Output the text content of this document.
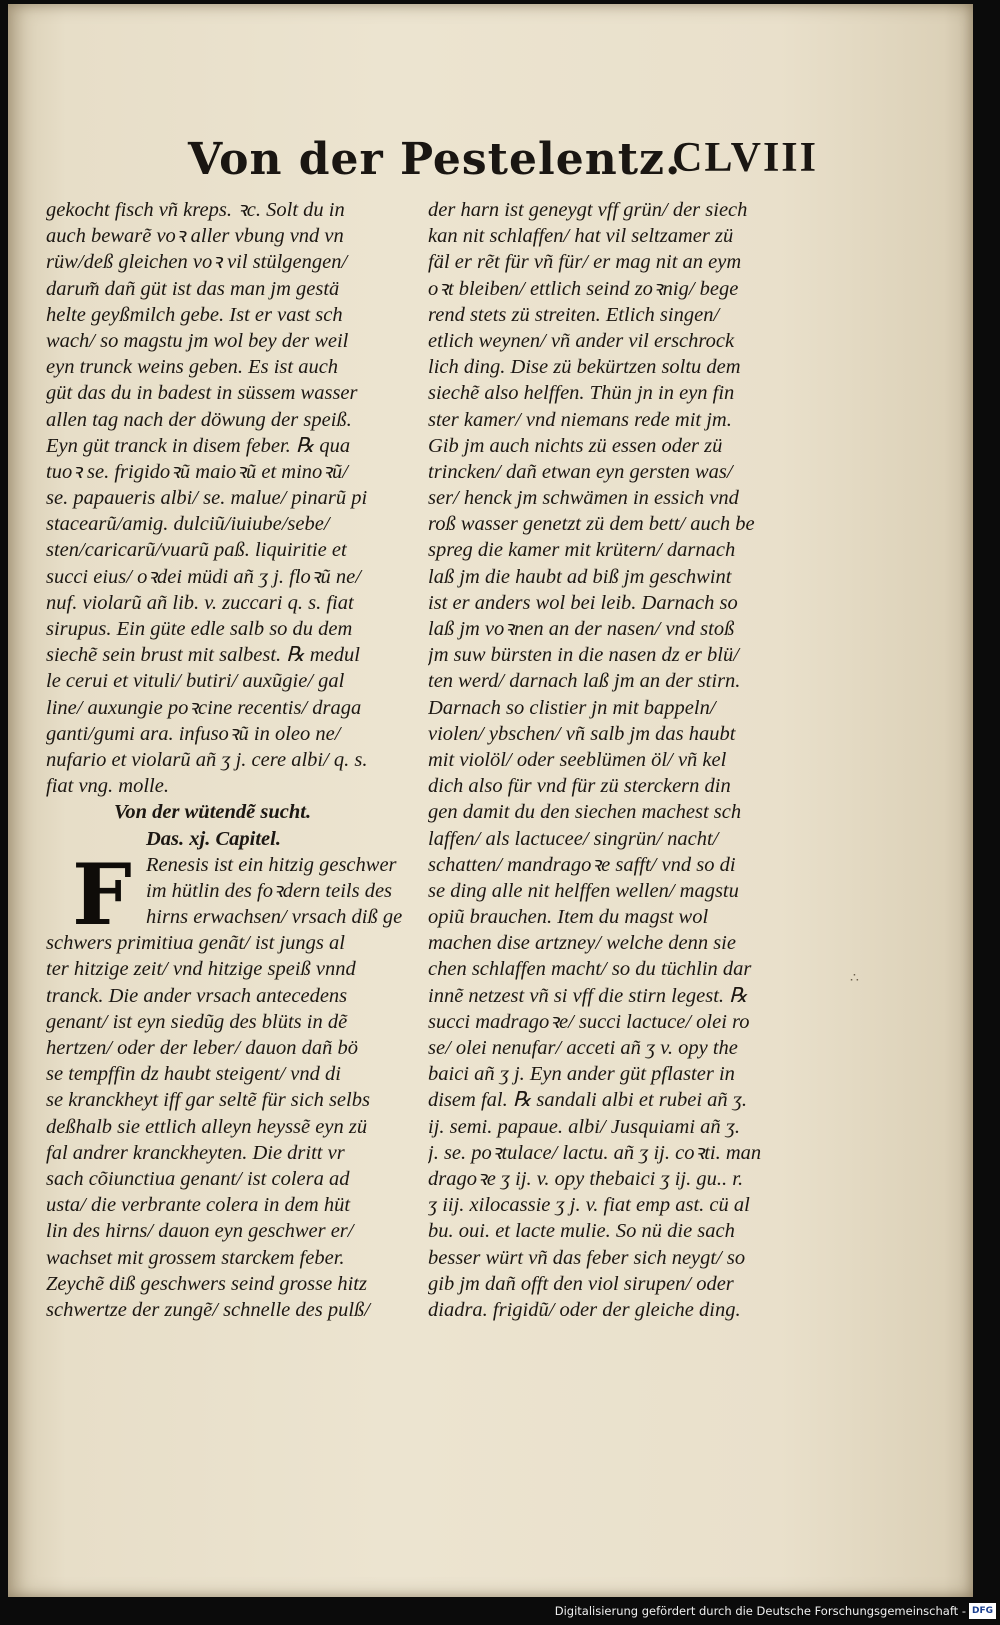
Von der Pestelentz.
CLVIII
gekocht fisch vñ kreps. ꝛc. Solt du in
auch bewarẽ voꝛ aller vbung vnd vn
rüw/deß gleichen voꝛ vil stülgengen/
darum̃ dañ güt ist das man jm gestä
helte geyßmilch gebe. Ist er vast sch
wach/ so magstu jm wol bey der weil
eyn trunck weins geben. Es ist auch
güt das du in badest in süssem wasser
allen tag nach der döwung der speiß.
Eyn güt tranck in disem feber. ℞ qua
tuoꝛ se. frigidoꝛũ maioꝛũ et minoꝛũ/
se. papaueris albi/ se. malue/ pinarũ pi
stacearũ/amig. dulciũ/iuiube/sebe/
sten/caricarũ/vuarũ paß. liquiritie et
succi eius/ oꝛdei müdi añ ʒ j. floꝛũ ne/
nuf. violarũ añ lib. v. zuccari q. s. fiat
sirupus. Ein güte edle salb so du dem
siechẽ sein brust mit salbest. ℞ medul
le cerui et vituli/ butiri/ auxũgie/ gal
line/ auxungie poꝛcine recentis/ draga
ganti/gumi ara. infusoꝛũ in oleo ne/
nufario et violarũ añ ʒ j. cere albi/ q. s.
fiat vng. molle.
Von der wütendẽ sucht.
Das. xj. Capitel.
F Renesis ist ein hitzig geschwer
im hütlin des foꝛdern teils des
hirns erwachsen/ vrsach diß ge
schwers primitiua genãt/ ist jungs al
ter hitzige zeit/ vnd hitzige speiß vnnd
tranck. Die ander vrsach antecedens
genant/ ist eyn siedũg des blüts in dẽ
hertzen/ oder der leber/ dauon dañ bö
se tempffin dz haubt steigent/ vnd di
se kranckheyt iff gar seltẽ für sich selbs
deßhalb sie ettlich alleyn heyssẽ eyn zü
fal andrer kranckheyten. Die dritt vr
sach cõiunctiua genant/ ist colera ad
usta/ die verbrante colera in dem hüt
lin des hirns/ dauon eyn geschwer er/
wachset mit grossem starckem feber.
Zeychẽ diß geschwers seind grosse hitz
schwertze der zungẽ/ schnelle des pulß/
der harn ist geneygt vff grün/ der siech
kan nit schlaffen/ hat vil seltzamer zü
fäl er rẽt für vñ für/ er mag nit an eym
oꝛt bleiben/ ettlich seind zoꝛnig/ bege
rend stets zü streiten. Etlich singen/
etlich weynen/ vñ ander vil erschrock
lich ding. Dise zü bekürtzen soltu dem
siechẽ also helffen. Thün jn in eyn fin
ster kamer/ vnd niemans rede mit jm.
Gib jm auch nichts zü essen oder zü
trincken/ dañ etwan eyn gersten was/
ser/ henck jm schwämen in essich vnd
roß wasser genetzt zü dem bett/ auch be
spreg die kamer mit krütern/ darnach
laß jm die haubt ad biß jm geschwint
ist er anders wol bei leib. Darnach so
laß jm voꝛnen an der nasen/ vnd stoß
jm suw bürsten in die nasen dz er blü/
ten werd/ darnach laß jm an der stirn.
Darnach so clistier jn mit bappeln/
violen/ ybschen/ vñ salb jm das haubt
mit violöl/ oder seeblümen öl/ vñ kel
dich also für vnd für zü sterckern din
gen damit du den siechen machest sch
laffen/ als lactucee/ singrün/ nacht/
schatten/ mandragoꝛe safft/ vnd so di
se ding alle nit helffen wellen/ magstu
opiũ brauchen. Item du magst wol
machen dise artzney/ welche denn sie
chen schlaffen macht/ so du tüchlin dar
innẽ netzest vñ si vff die stirn legest. ℞
succi madragoꝛe/ succi lactuce/ olei ro
se/ olei nenufar/ acceti añ ʒ v. opy the
baici añ ʒ j. Eyn ander güt pflaster in
disem fal. ℞ sandali albi et rubei añ ʒ.
ij. semi. papaue. albi/ Jusquiami añ ʒ.
j. se. poꝛtulace/ lactu. añ ʒ ij. coꝛti. man
dragoꝛe ʒ ij. v. opy thebaici ʒ ij. gu.. r.
ʒ iij. xilocassie ʒ j. v. fiat emp ast. cü al
bu. oui. et lacte mulie. So nü die sach
besser würt vñ das feber sich neygt/ so
gib jm dañ offt den viol sirupen/ oder
diadra. frigidũ/ oder der gleiche ding.
∴
Digitalisierung gefördert durch die Deutsche Forschungsgemeinschaft - DFG
